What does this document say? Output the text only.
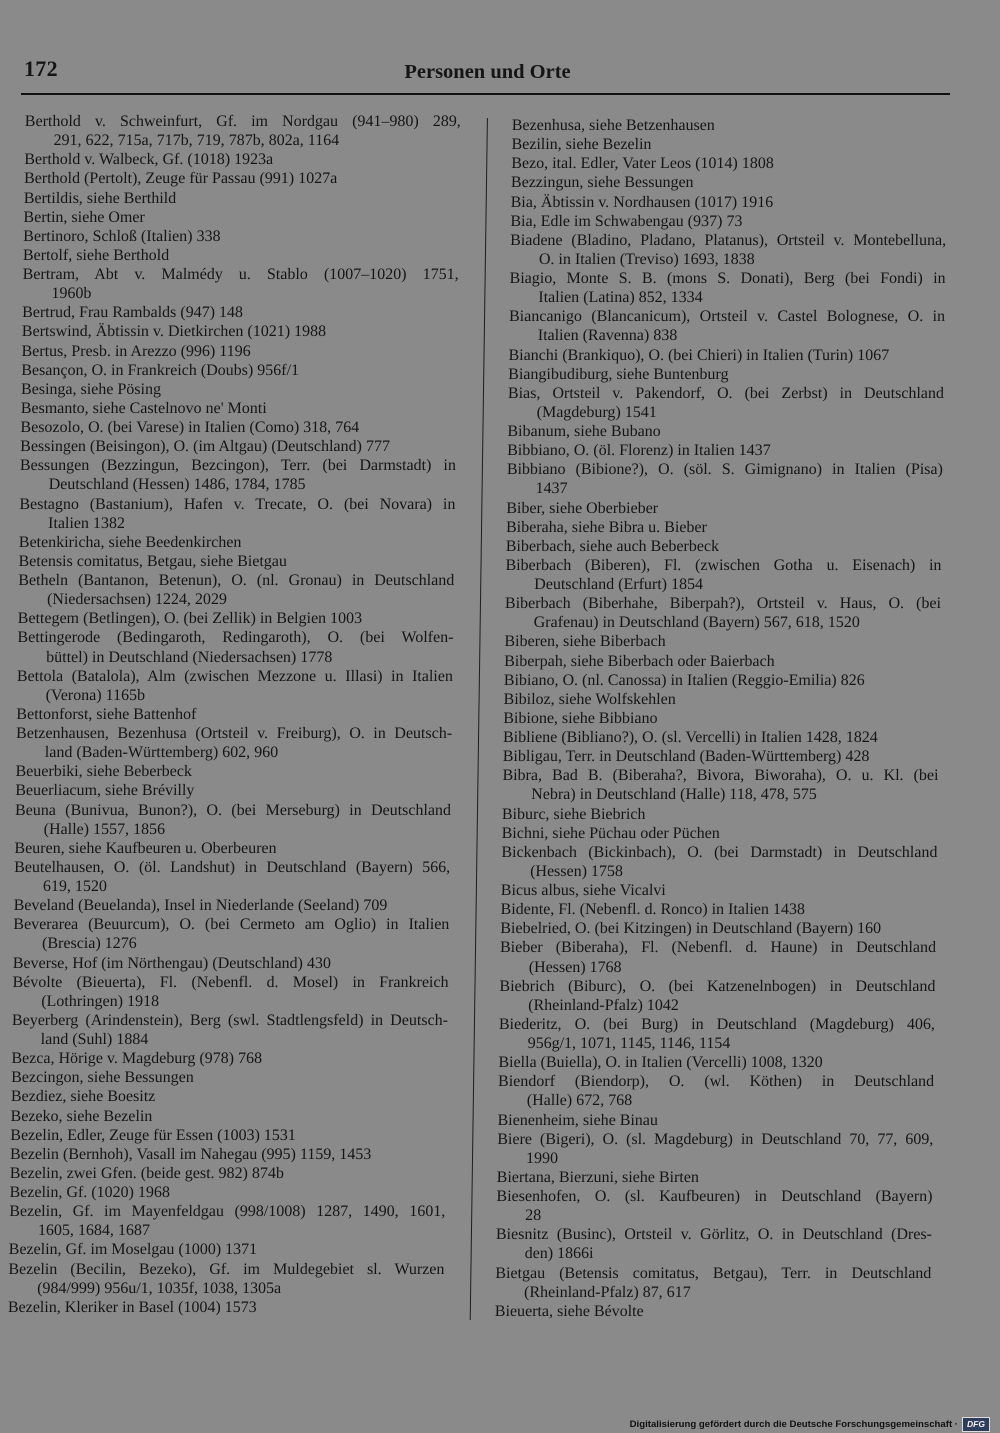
172	Personen und Orte
Berthold v. Schweinfurt, Gf. im Nordgau (941–980) 289,
291, 622, 715a, 717b, 719, 787b, 802a, 1164
Berthold v. Walbeck, Gf. (1018) 1923a
Berthold (Pertolt), Zeuge für Passau (991) 1027a
Bertildis, siehe Berthild
Bertin, siehe Omer
Bertinoro, Schloß (Italien) 338
Bertolf, siehe Berthold
Bertram, Abt v. Malmédy u. Stablo (1007–1020) 1751,
1960b
Bertrud, Frau Rambalds (947) 148
Bertswind, Äbtissin v. Dietkirchen (1021) 1988
Bertus, Presb. in Arezzo (996) 1196
Besançon, O. in Frankreich (Doubs) 956f/1
Besinga, siehe Pösing
Besmanto, siehe Castelnovo ne' Monti
Besozolo, O. (bei Varese) in Italien (Como) 318, 764
Bessingen (Beisingon), O. (im Altgau) (Deutschland) 777
Bessungen (Bezzingun, Bezcingon), Terr. (bei Darmstadt) in
Deutschland (Hessen) 1486, 1784, 1785
Bestagno (Bastanium), Hafen v. Trecate, O. (bei Novara) in
Italien 1382
Betenkiricha, siehe Beedenkirchen
Betensis comitatus, Betgau, siehe Bietgau
Betheln (Bantanon, Betenun), O. (nl. Gronau) in Deutschland
(Niedersachsen) 1224, 2029
Bettegem (Betlingen), O. (bei Zellik) in Belgien 1003
Bettingerode (Bedingaroth, Redingaroth), O. (bei Wolfen-
büttel) in Deutschland (Niedersachsen) 1778
Bettola (Batalola), Alm (zwischen Mezzone u. Illasi) in Italien
(Verona) 1165b
Bettonforst, siehe Battenhof
Betzenhausen, Bezenhusa (Ortsteil v. Freiburg), O. in Deutsch-
land (Baden-Württemberg) 602, 960
Beuerbiki, siehe Beberbeck
Beuerliacum, siehe Brévilly
Beuna (Bunivua, Bunon?), O. (bei Merseburg) in Deutschland
(Halle) 1557, 1856
Beuren, siehe Kaufbeuren u. Oberbeuren
Beutelhausen, O. (öl. Landshut) in Deutschland (Bayern) 566,
619, 1520
Beveland (Beuelanda), Insel in Niederlande (Seeland) 709
Beverarea (Beuurcum), O. (bei Cermeto am Oglio) in Italien
(Brescia) 1276
Beverse, Hof (im Nörthengau) (Deutschland) 430
Bévolte (Bieuerta), Fl. (Nebenfl. d. Mosel) in Frankreich
(Lothringen) 1918
Beyerberg (Arindenstein), Berg (swl. Stadtlengsfeld) in Deutsch-
land (Suhl) 1884
Bezca, Hörige v. Magdeburg (978) 768
Bezcingon, siehe Bessungen
Bezdiez, siehe Boesitz
Bezeko, siehe Bezelin
Bezelin, Edler, Zeuge für Essen (1003) 1531
Bezelin (Bernhoh), Vasall im Nahegau (995) 1159, 1453
Bezelin, zwei Gfen. (beide gest. 982) 874b
Bezelin, Gf. (1020) 1968
Bezelin, Gf. im Mayenfeldgau (998/1008) 1287, 1490, 1601,
1605, 1684, 1687
Bezelin, Gf. im Moselgau (1000) 1371
Bezelin (Becilin, Bezeko), Gf. im Muldegebiet sl. Wurzen
(984/999) 956u/1, 1035f, 1038, 1305a
Bezelin, Kleriker in Basel (1004) 1573
Bezenhusa, siehe Betzenhausen
Bezilin, siehe Bezelin
Bezo, ital. Edler, Vater Leos (1014) 1808
Bezzingun, siehe Bessungen
Bia, Äbtissin v. Nordhausen (1017) 1916
Bia, Edle im Schwabengau (937) 73
Biadene (Bladino, Pladano, Platanus), Ortsteil v. Montebelluna,
O. in Italien (Treviso) 1693, 1838
Biagio, Monte S. B. (mons S. Donati), Berg (bei Fondi) in
Italien (Latina) 852, 1334
Biancanigo (Blancanicum), Ortsteil v. Castel Bolognese, O. in
Italien (Ravenna) 838
Bianchi (Brankiquo), O. (bei Chieri) in Italien (Turin) 1067
Biangibudiburg, siehe Buntenburg
Bias, Ortsteil v. Pakendorf, O. (bei Zerbst) in Deutschland
(Magdeburg) 1541
Bibanum, siehe Bubano
Bibbiano, O. (öl. Florenz) in Italien 1437
Bibbiano (Bibione?), O. (söl. S. Gimignano) in Italien (Pisa)
1437
Biber, siehe Oberbieber
Biberaha, siehe Bibra u. Bieber
Biberbach, siehe auch Beberbeck
Biberbach (Biberen), Fl. (zwischen Gotha u. Eisenach) in
Deutschland (Erfurt) 1854
Biberbach (Biberhahe, Biberpah?), Ortsteil v. Haus, O. (bei
Grafenau) in Deutschland (Bayern) 567, 618, 1520
Biberen, siehe Biberbach
Biberpah, siehe Biberbach oder Baierbach
Bibiano, O. (nl. Canossa) in Italien (Reggio-Emilia) 826
Bibiloz, siehe Wolfskehlen
Bibione, siehe Bibbiano
Bibliene (Bibliano?), O. (sl. Vercelli) in Italien 1428, 1824
Bibligau, Terr. in Deutschland (Baden-Württemberg) 428
Bibra, Bad B. (Biberaha?, Bivora, Biworaha), O. u. Kl. (bei
Nebra) in Deutschland (Halle) 118, 478, 575
Biburc, siehe Biebrich
Bichni, siehe Püchau oder Püchen
Bickenbach (Bickinbach), O. (bei Darmstadt) in Deutschland
(Hessen) 1758
Bicus albus, siehe Vicalvi
Bidente, Fl. (Nebenfl. d. Ronco) in Italien 1438
Biebelried, O. (bei Kitzingen) in Deutschland (Bayern) 160
Bieber (Biberaha), Fl. (Nebenfl. d. Haune) in Deutschland
(Hessen) 1768
Biebrich (Biburc), O. (bei Katzenelnbogen) in Deutschland
(Rheinland-Pfalz) 1042
Biederitz, O. (bei Burg) in Deutschland (Magdeburg) 406,
956g/1, 1071, 1145, 1146, 1154
Biella (Buiella), O. in Italien (Vercelli) 1008, 1320
Biendorf (Biendorp), O. (wl. Köthen) in Deutschland
(Halle) 672, 768
Bienenheim, siehe Binau
Biere (Bigeri), O. (sl. Magdeburg) in Deutschland 70, 77, 609,
1990
Biertana, Bierzuni, siehe Birten
Biesenhofen, O. (sl. Kaufbeuren) in Deutschland (Bayern)
28
Biesnitz (Businc), Ortsteil v. Görlitz, O. in Deutschland (Dres-
den) 1866i
Bietgau (Betensis comitatus, Betgau), Terr. in Deutschland
(Rheinland-Pfalz) 87, 617
Bieuerta, siehe Bévolte
Digitalisierung gefördert durch die Deutsche Forschungsgemeinschaft ·	DFG
